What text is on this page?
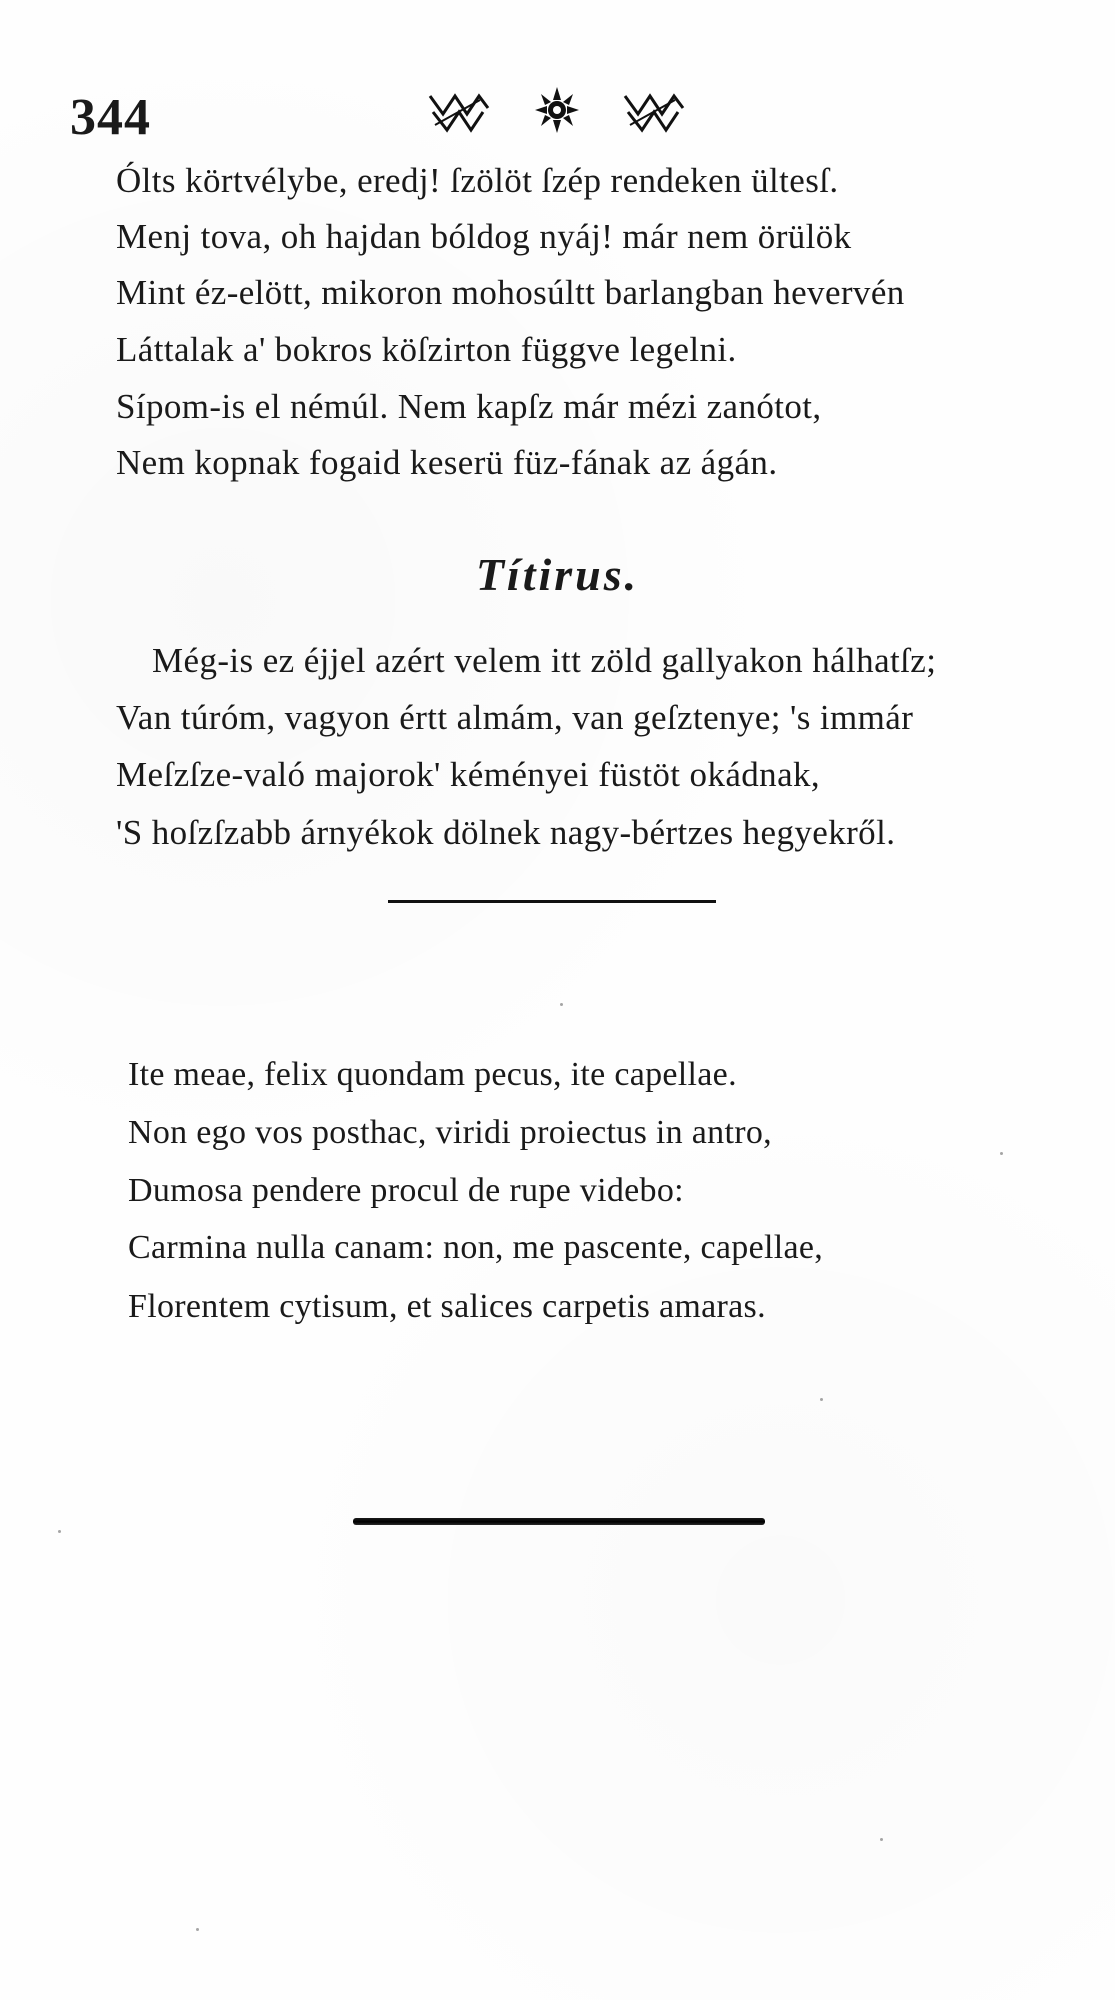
344
Ólts körtvélybe, eredj! ſzölöt ſzép rendeken ültesſ.
Menj tova, oh hajdan bóldog nyáj! már nem örülök
Mint éz-elött, mikoron mohosúltt barlangban hevervén
Láttalak a' bokros köſzirton függve legelni.
Sípom-is el némúl. Nem kapſz már mézi zanótot,
Nem kopnak fogaid keserü füz-fának az ágán.
Títirus.
Még-is ez éjjel azért velem itt zöld gallyakon hálhatſz;
Van túróm, vagyon értt almám, van geſztenye; 's immár
Meſzſze-való majorok' kéményei füstöt okádnak,
'S hoſzſzabb árnyékok dölnek nagy-bértzes hegyekről.
Ite meae, felix quondam pecus, ite capellae.
Non ego vos posthac, viridi proiectus in antro,
Dumosa pendere procul de rupe videbo:
Carmina nulla canam: non, me pascente, capellae,
Florentem cytisum, et salices carpetis amaras.
